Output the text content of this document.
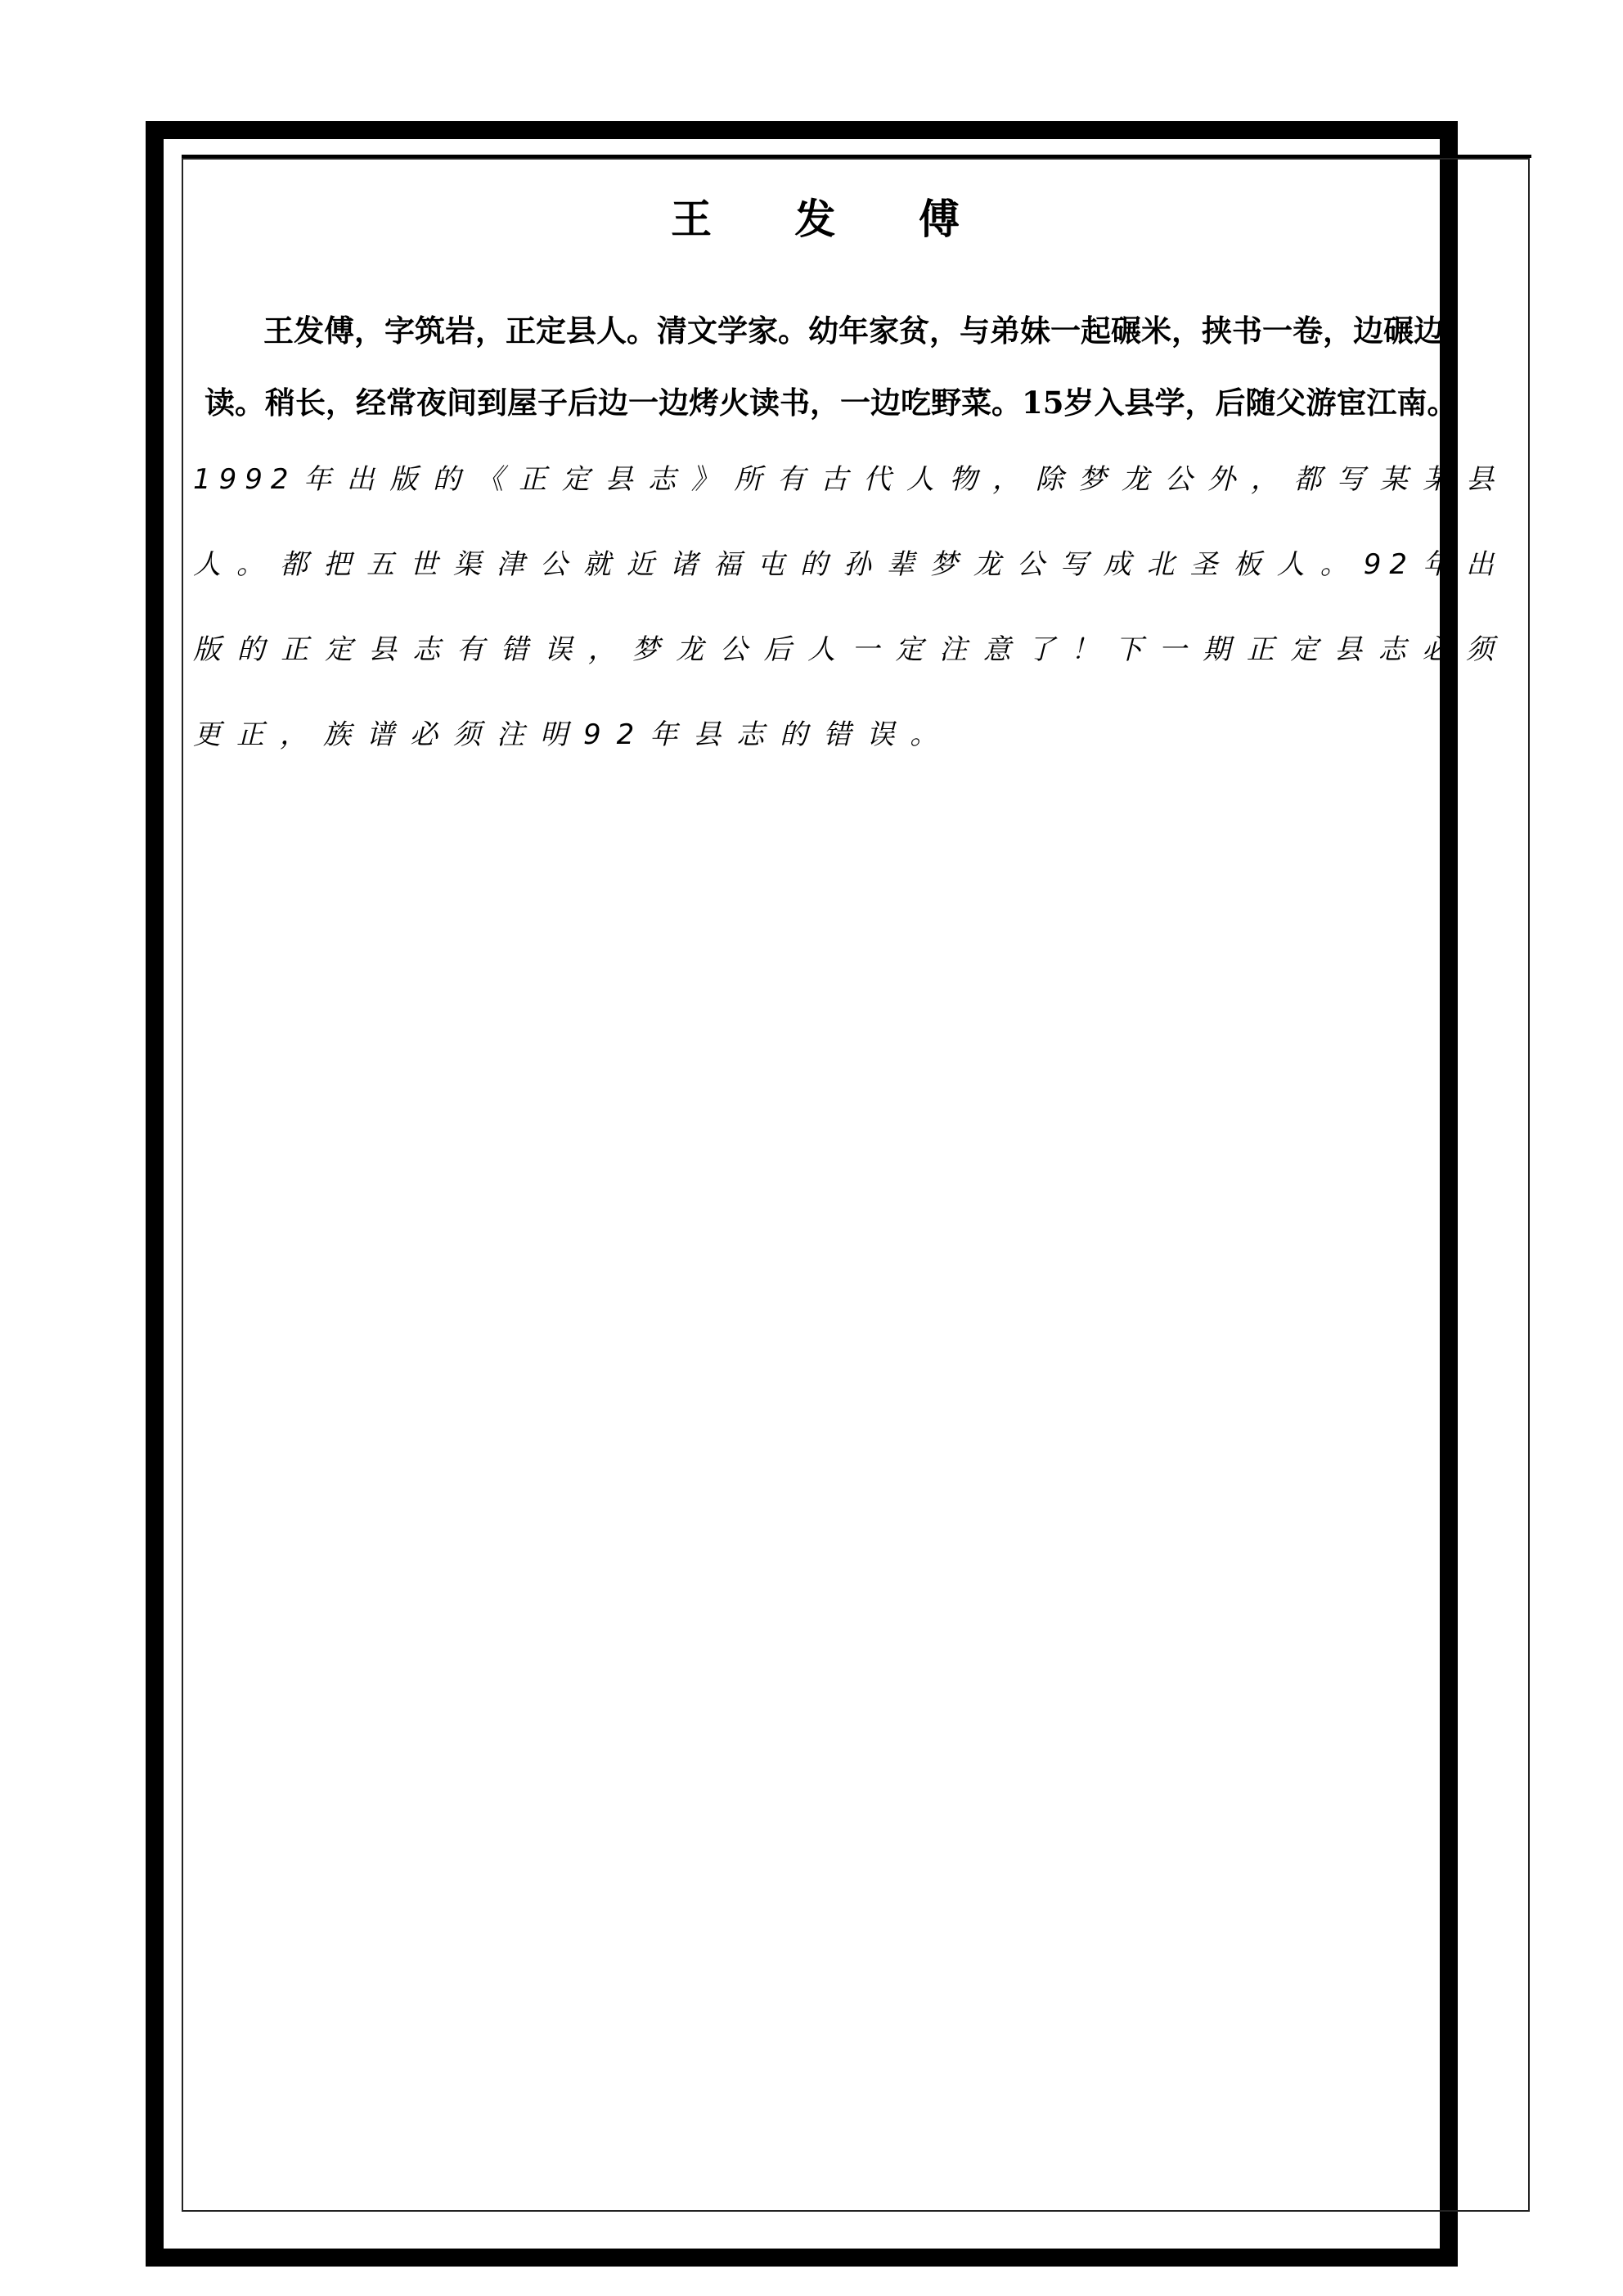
王 发 傅
王发傅，字筑岩，正定县人。清文学家。幼年家贫，与弟妹一起碾米，挟书一卷，边碾边
读。稍长，经常夜间到屋子后边一边烤火读书，一边吃野菜。15岁入县学，后随父游宦江南。
1992年出版的《正定县志》所有古代人物，除梦龙公外，都写某某县
人。都把五世渠津公就近诸福屯的孙辈梦龙公写成北圣板人。92年出
版的正定县志有错误，梦龙公后人一定注意了！下一期正定县志必须
更正，族谱必须注明92年县志的错误。
